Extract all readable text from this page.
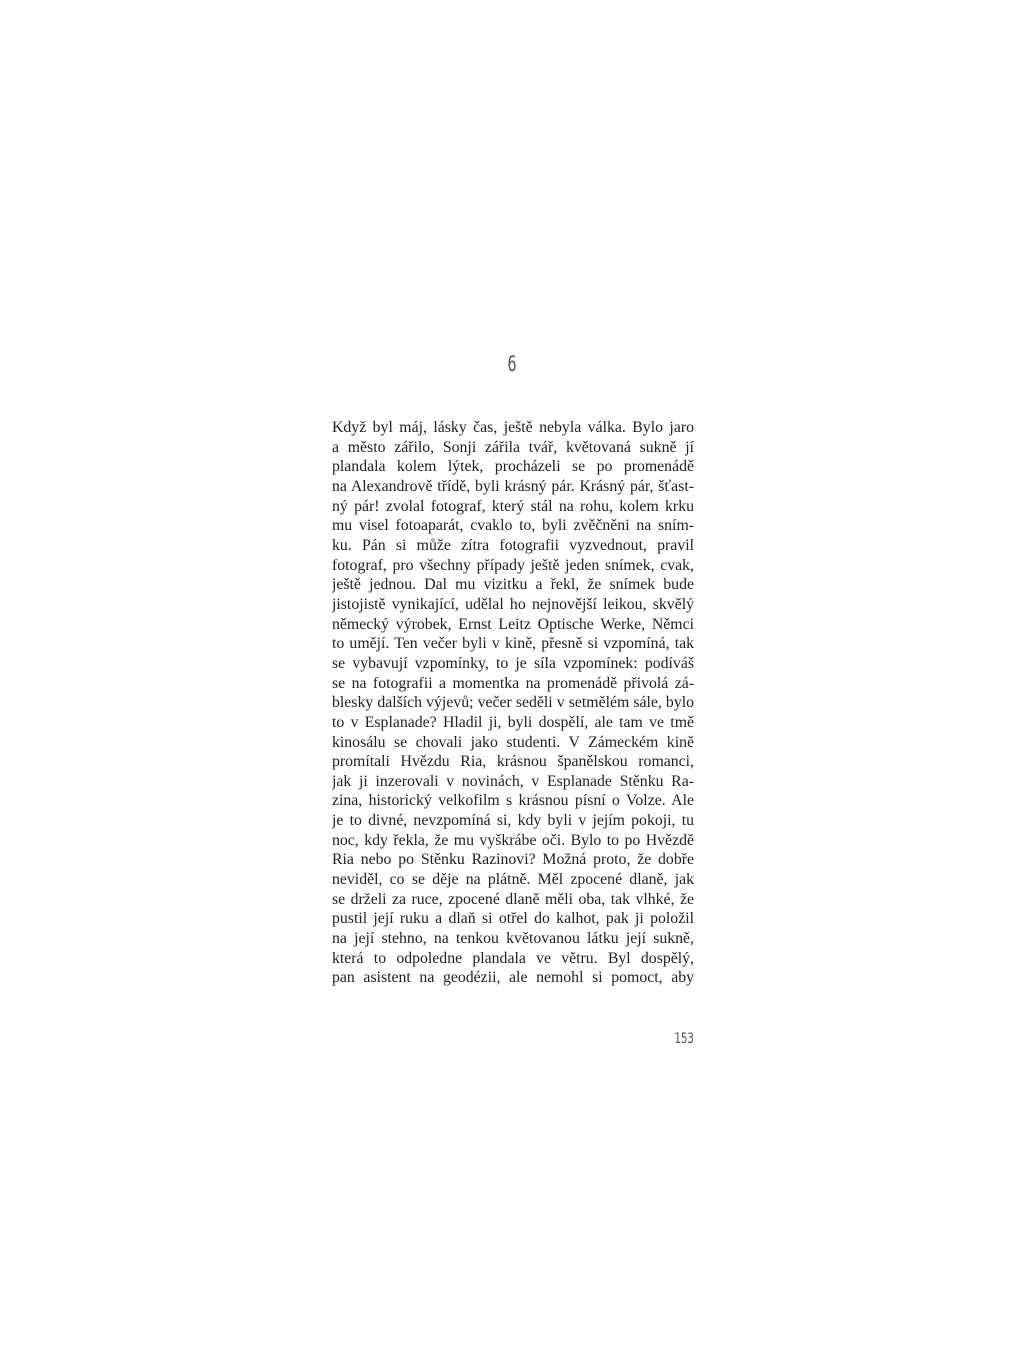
6
Když byl máj, lásky čas, ještě nebyla válka. Bylo jaro
a město zářilo, Sonji zářila tvář, květovaná sukně jí
plandala kolem lýtek, procházeli se po promenádě
na Alexandrově třídě, byli krásný pár. Krásný pár, šťast-
ný pár! zvolal fotograf, který stál na rohu, kolem krku
mu visel fotoaparát, cvaklo to, byli zvěčněni na sním-
ku. Pán si může zítra fotografii vyzvednout, pravil
fotograf, pro všechny případy ještě jeden snímek, cvak,
ještě jednou. Dal mu vizitku a řekl, že snímek bude
jistojistě vynikající, udělal ho nejnovější leikou, skvělý
německý výrobek, Ernst Leitz Optische Werke, Němci
to umějí. Ten večer byli v kině, přesně si vzpomíná, tak
se vybavují vzpomínky, to je síla vzpomínek: podíváš
se na fotografii a momentka na promenádě přivolá zá-
blesky dalších výjevů; večer seděli v setmělém sále, bylo
to v Esplanade? Hladil ji, byli dospělí, ale tam ve tmě
kinosálu se chovali jako studenti. V Zámeckém kině
promítali Hvězdu Ria, krásnou španělskou romanci,
jak ji inzerovali v novinách, v Esplanade Stěnku Ra-
zina, historický velkofilm s krásnou písní o Volze. Ale
je to divné, nevzpomíná si, kdy byli v jejím pokoji, tu
noc, kdy řekla, že mu vyškrábe oči. Bylo to po Hvězdě
Ria nebo po Stěnku Razinovi? Možná proto, že dobře
neviděl, co se děje na plátně. Měl zpocené dlaně, jak
se drželi za ruce, zpocené dlaně měli oba, tak vlhké, že
pustil její ruku a dlaň si otřel do kalhot, pak ji položil
na její stehno, na tenkou květovanou látku její sukně,
která to odpoledne plandala ve větru. Byl dospělý,
pan asistent na geodézii, ale nemohl si pomoct, aby
153
